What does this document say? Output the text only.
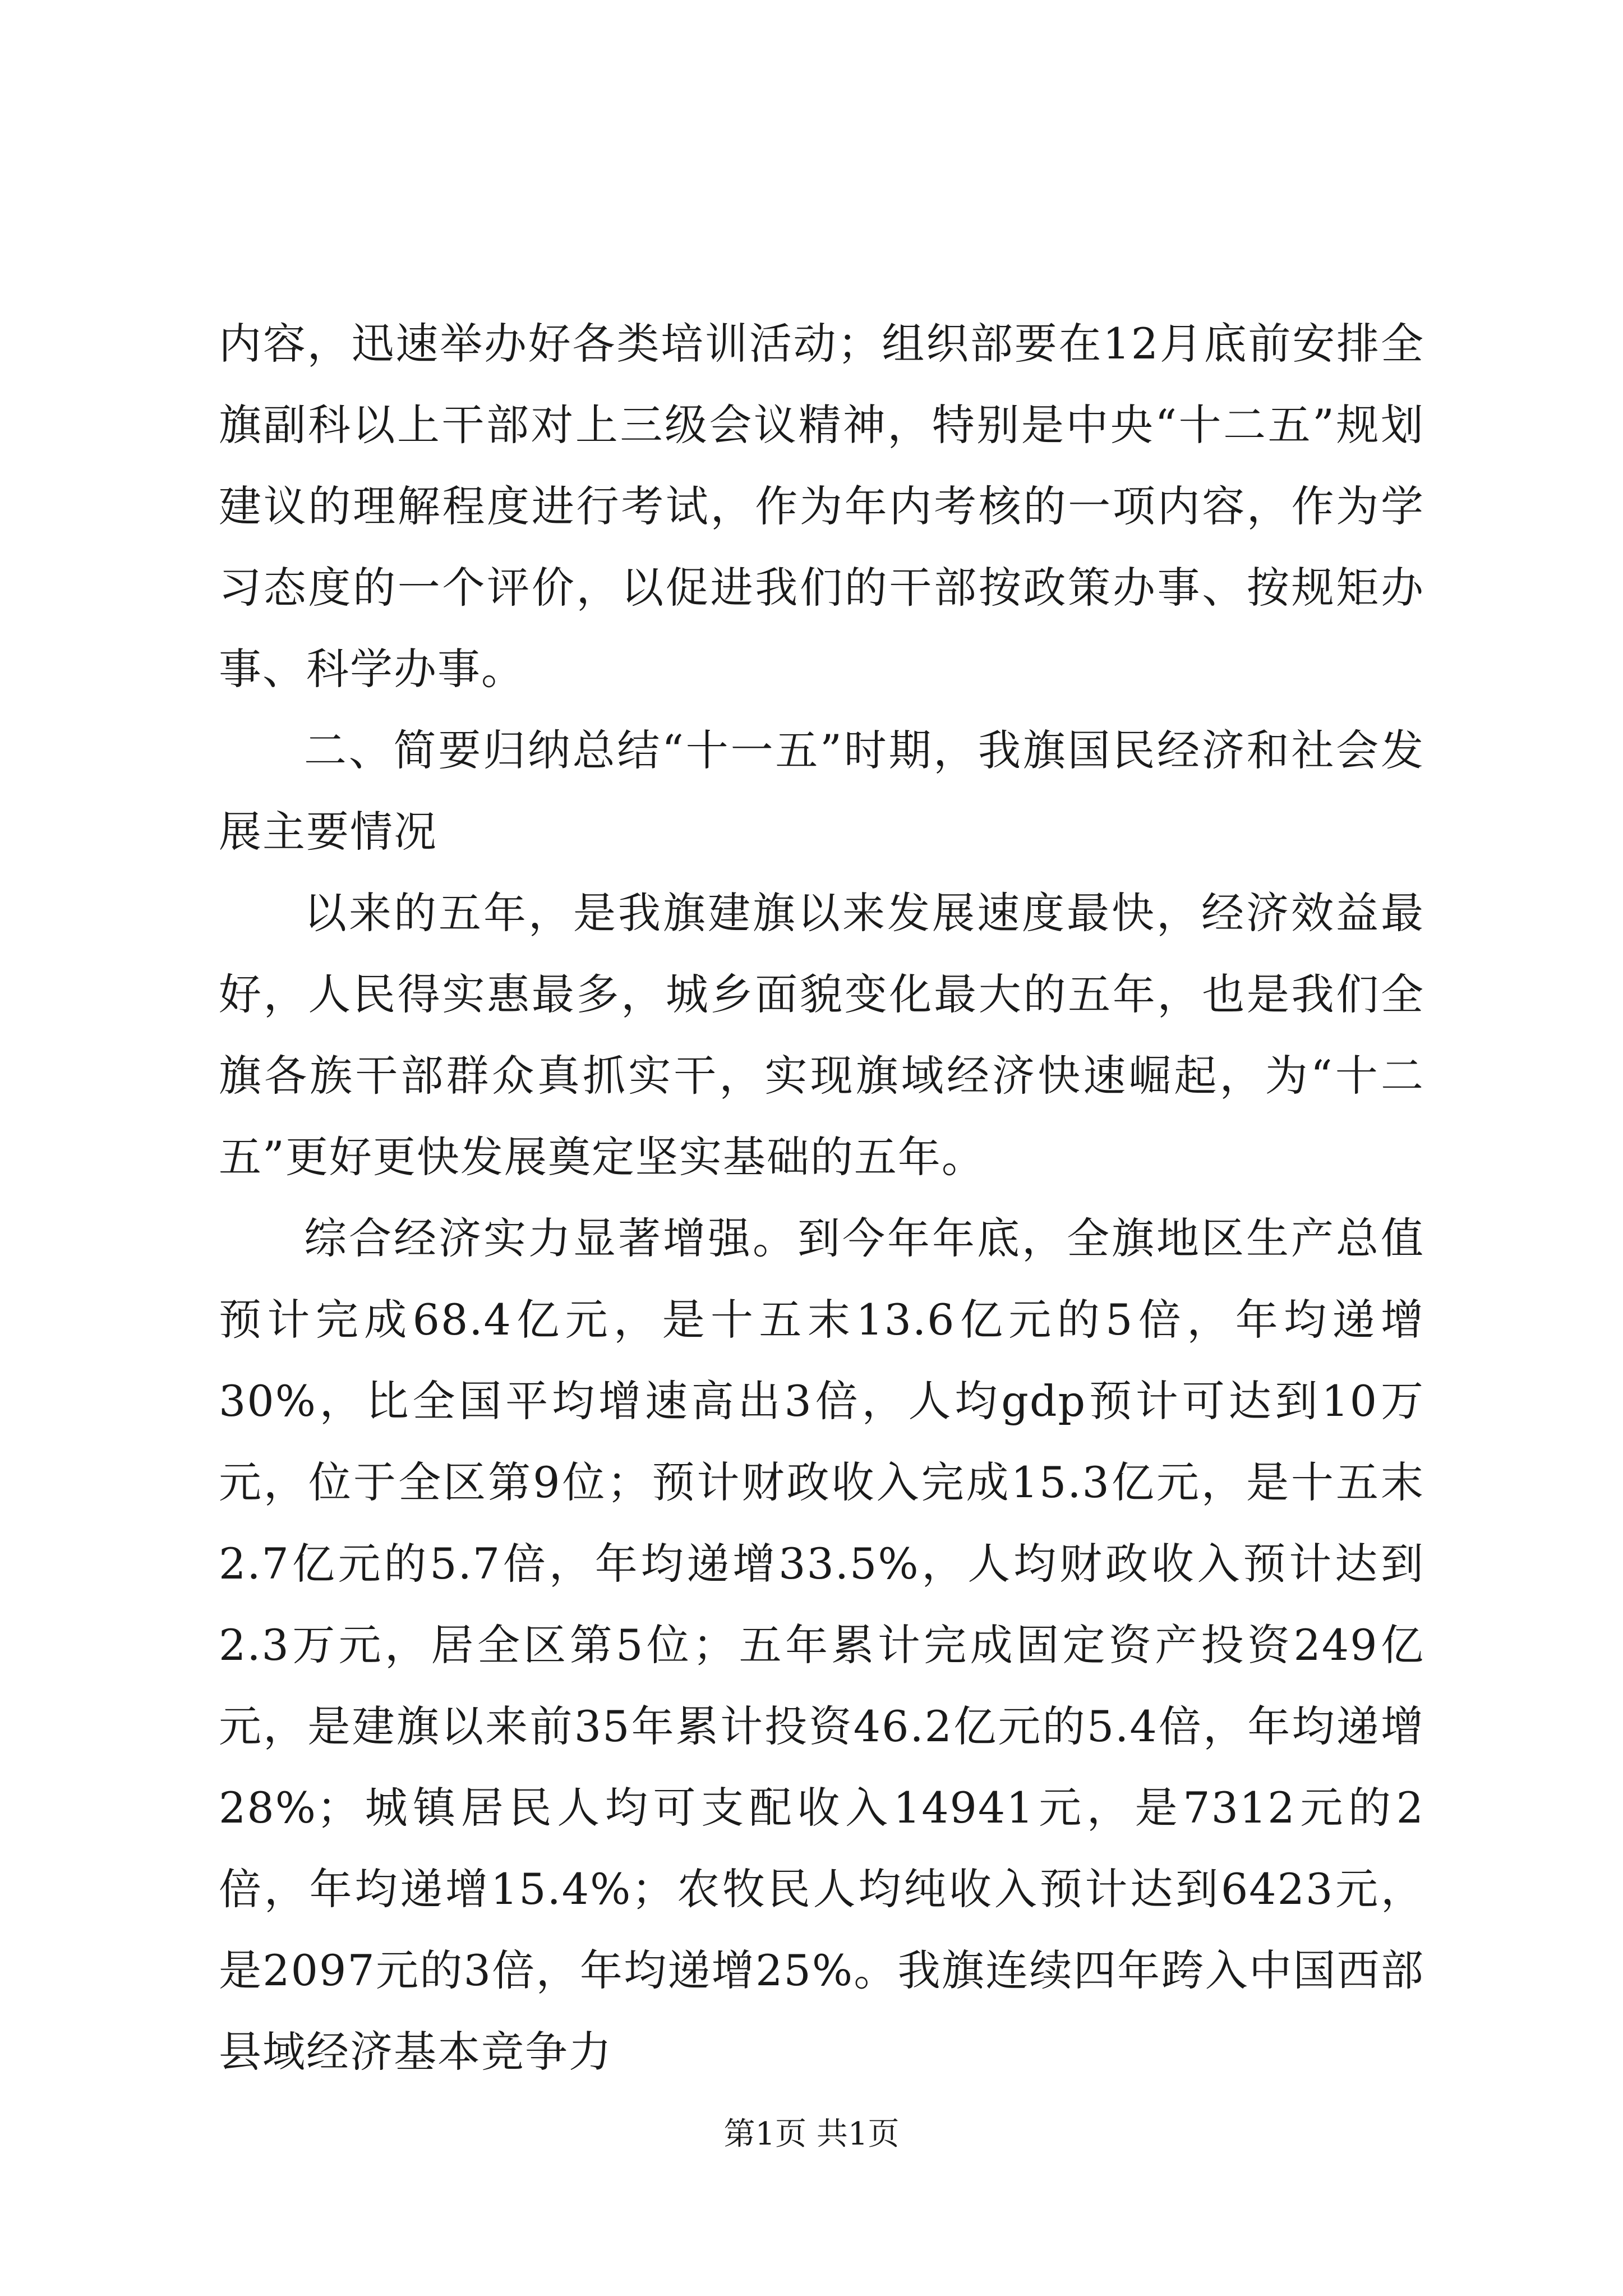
内容，迅速举办好各类培训活动；组织部要在12月底前安排全旗副科以上干部对上三级会议精神，特别是中央“十二五”规划建议的理解程度进行考试，作为年内考核的一项内容，作为学习态度的一个评价，以促进我们的干部按政策办事、按规矩办事、科学办事。

二、简要归纳总结“十一五”时期，我旗国民经济和社会发展主要情况

以来的五年，是我旗建旗以来发展速度最快，经济效益最好，人民得实惠最多，城乡面貌变化最大的五年，也是我们全旗各族干部群众真抓实干，实现旗域经济快速崛起，为“十二五”更好更快发展奠定坚实基础的五年。

综合经济实力显著增强。到今年年底，全旗地区生产总值预计完成68.4亿元，是十五末13.6亿元的5倍，年均递增30%，比全国平均增速高出3倍，人均gdp预计可达到10万元，位于全区第9位；预计财政收入完成15.3亿元，是十五末2.7亿元的5.7倍，年均递增33.5%，人均财政收入预计达到2.3万元，居全区第5位；五年累计完成固定资产投资249亿元，是建旗以来前35年累计投资46.2亿元的5.4倍，年均递增28%；城镇居民人均可支配收入14941元，是7312元的2倍，年均递增15.4%；农牧民人均纯收入预计达到6423元，是2097元的3倍，年均递增25%。我旗连续四年跨入中国西部县域经济基本竞争力

第1页 共1页
